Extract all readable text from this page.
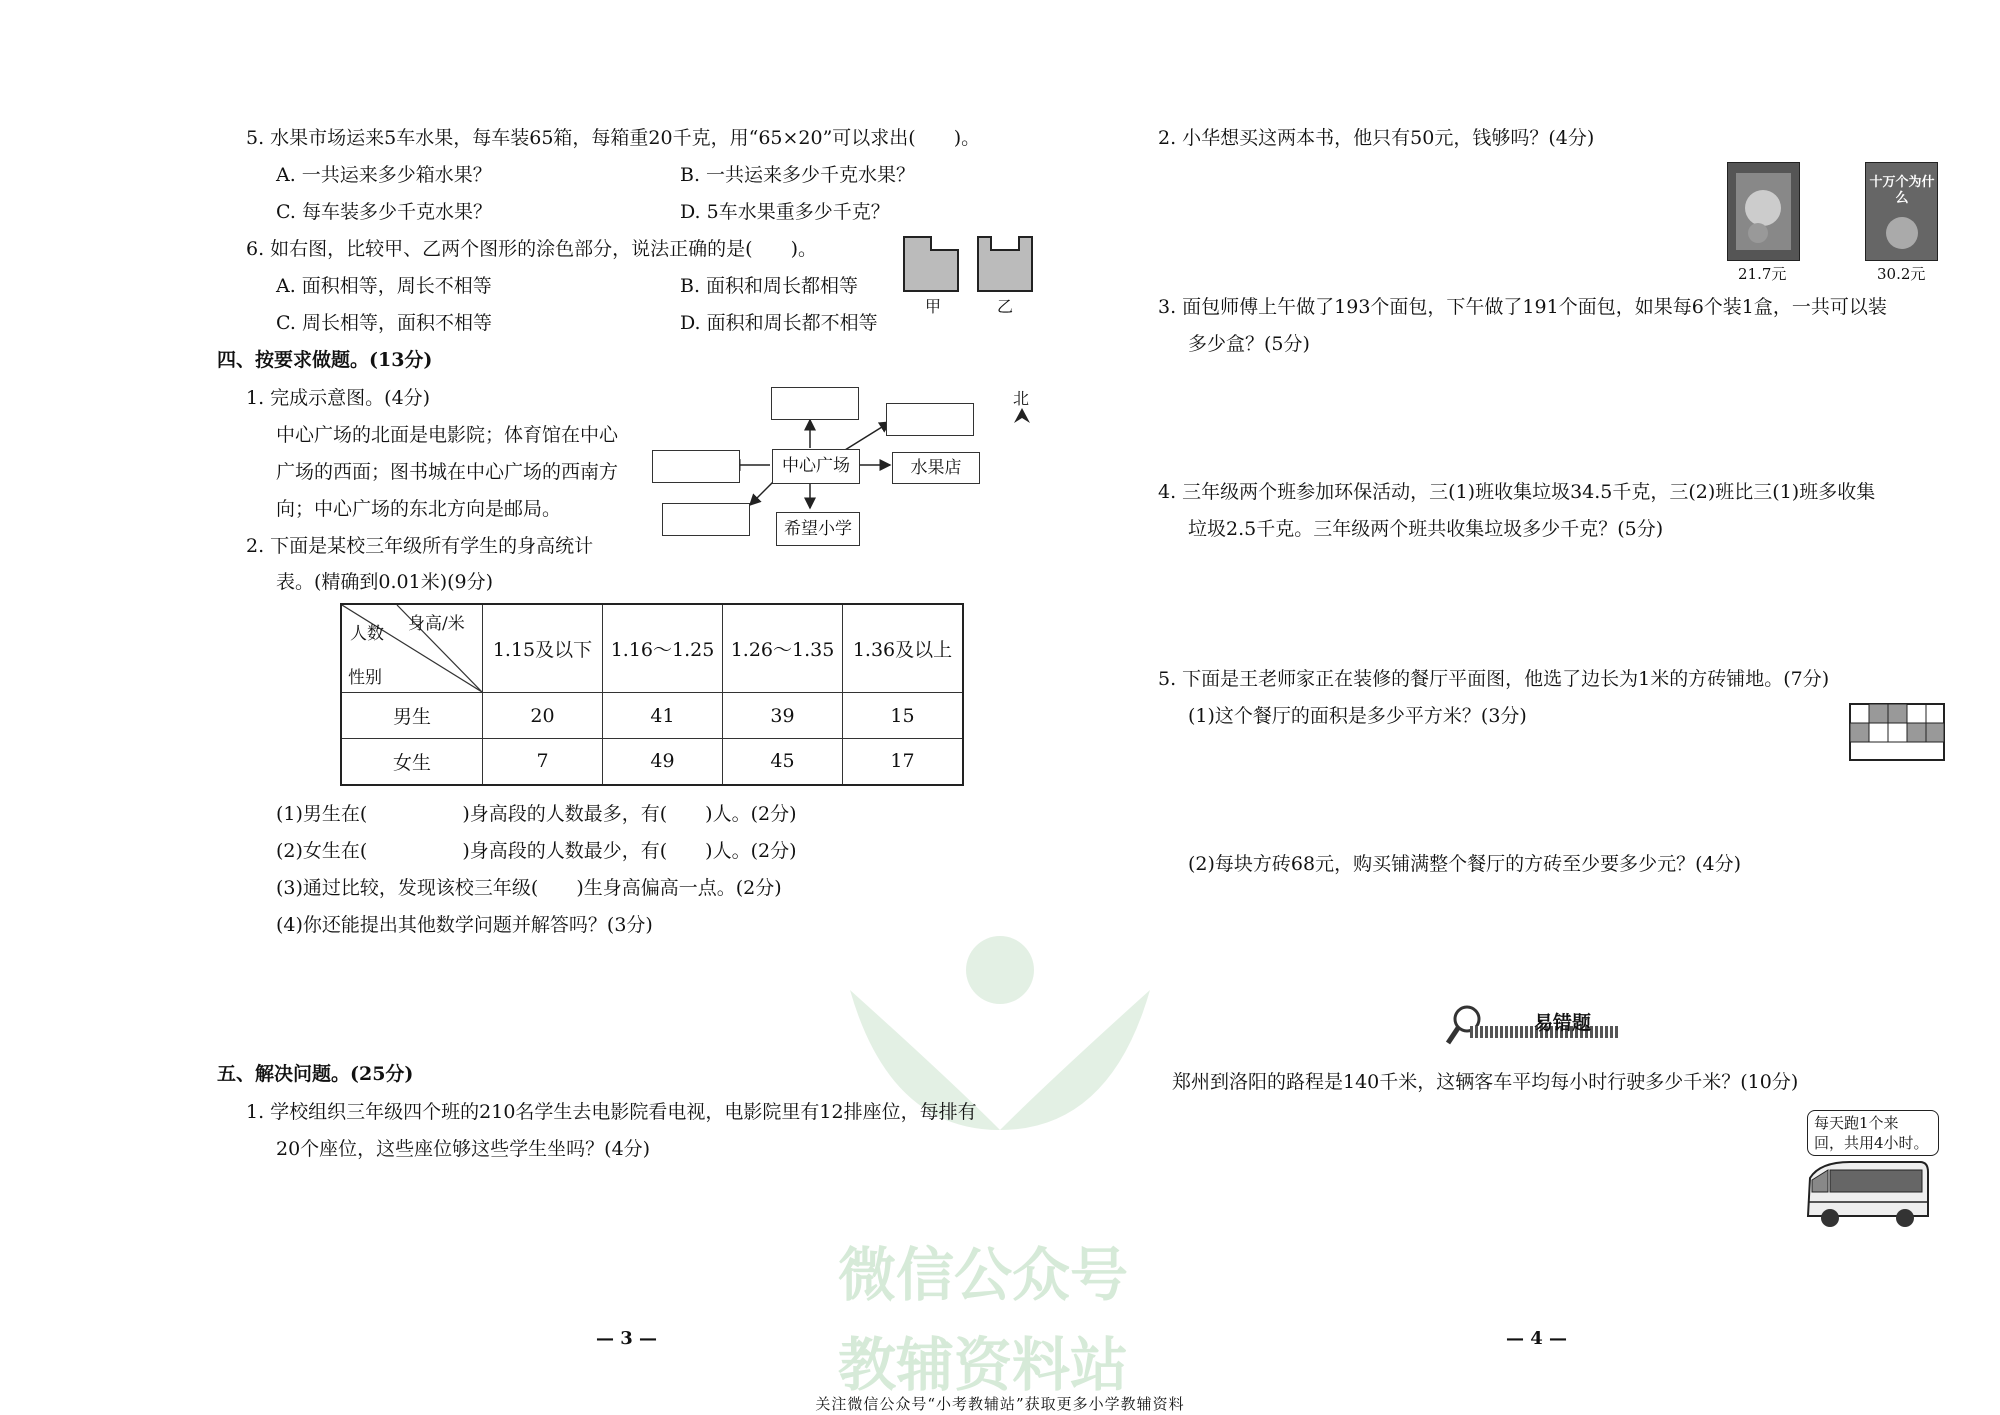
微信公众号
教辅资料站
5. 水果市场运来5车水果，每车装65箱，每箱重20千克，用“65×20”可以求出(　　)。
A. 一共运来多少箱水果？	B. 一共运来多少千克水果？
C. 每车装多少千克水果？	D. 5车水果重多少千克？
6. 如右图，比较甲、乙两个图形的涂色部分，说法正确的是(　　)。
A. 面积相等，周长不相等	B. 面积和周长都相等
C. 周长相等，面积不相等	D. 面积和周长都不相等
甲	乙
四、按要求做题。(13分)
1. 完成示意图。(4分)
中心广场的北面是电影院；体育馆在中心
广场的西面；图书城在中心广场的西南方
向；中心广场的东北方向是邮局。
中心广场	水果店
希望小学
北
2. 下面是某校三年级所有学生的身高统计
表。(精确到0.01米)(9分)
身高/米
人数
性别	1.15及以下	1.16～1.25	1.26～1.35	1.36及以上
男生	20	41	39	15
女生	7	49	45	17
(1)男生在(　　　　　)身高段的人数最多，有(　　)人。(2分)
(2)女生在(　　　　　)身高段的人数最少，有(　　)人。(2分)
(3)通过比较，发现该校三年级(　　)生身高偏高一点。(2分)
(4)你还能提出其他数学问题并解答吗？(3分)
五、解决问题。(25分)
1. 学校组织三年级四个班的210名学生去电影院看电视，电影院里有12排座位，每排有
20个座位，这些座位够这些学生坐吗？(4分)
— 3 —
2. 小华想买这两本书，他只有50元，钱够吗？(4分)
十万个为什么
21.7元	30.2元
3. 面包师傅上午做了193个面包，下午做了191个面包，如果每6个装1盒，一共可以装
多少盒？(5分)
4. 三年级两个班参加环保活动，三(1)班收集垃圾34.5千克，三(2)班比三(1)班多收集
垃圾2.5千克。三年级两个班共收集垃圾多少千克？(5分)
5. 下面是王老师家正在装修的餐厅平面图，他选了边长为1米的方砖铺地。(7分)
(1)这个餐厅的面积是多少平方米？(3分)
(2)每块方砖68元，购买铺满整个餐厅的方砖至少要多少元？(4分)
易错题
郑州到洛阳的路程是140千米，这辆客车平均每小时行驶多少千米？(10分)
每天跑1个来
回，共用4小时。
— 4 —
关注微信公众号“小考教辅站”获取更多小学教辅资料
